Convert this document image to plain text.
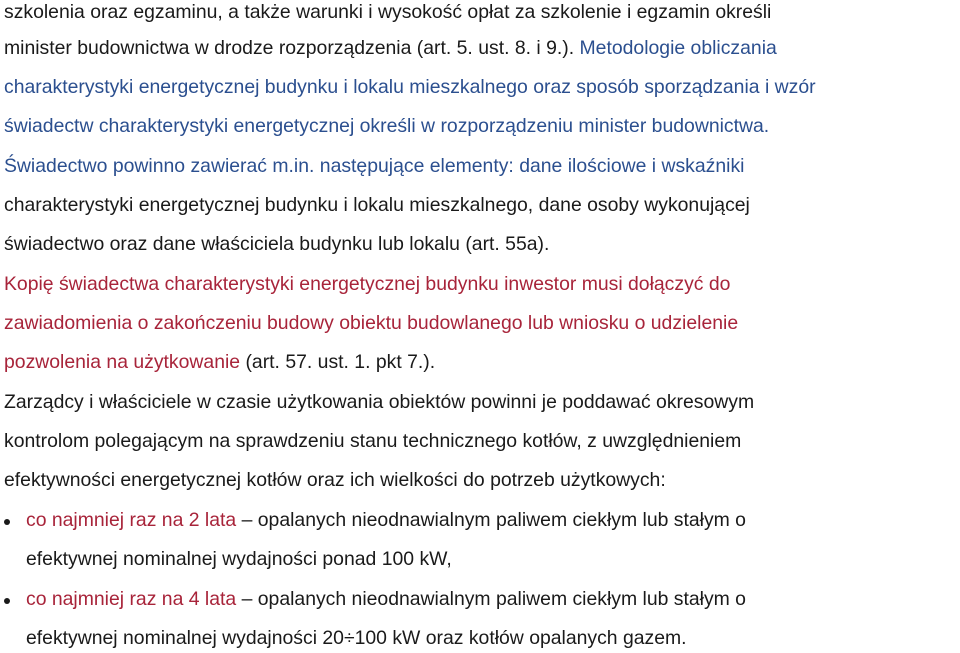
szkolenia oraz egzaminu, a także warunki i wysokość opłat za szkolenie i egzamin określi
minister budownictwa w drodze rozporządzenia (art. 5. ust. 8. i 9.). Metodologie obliczania
charakterystyki energetycznej budynku i lokalu mieszkalnego oraz sposób sporządzania i wzór
świadectw charakterystyki energetycznej określi w rozporządzeniu minister budownictwa.
Świadectwo powinno zawierać m.in. następujące elementy: dane ilościowe i wskaźniki
charakterystyki energetycznej budynku i lokalu mieszkalnego, dane osoby wykonującej
świadectwo oraz dane właściciela budynku lub lokalu (art. 55a).
Kopię świadectwa charakterystyki energetycznej budynku inwestor musi dołączyć do
zawiadomienia o zakończeniu budowy obiektu budowlanego lub wniosku o udzielenie
pozwolenia na użytkowanie (art. 57. ust. 1. pkt 7.).
Zarządcy i właściciele w czasie użytkowania obiektów powinni je poddawać okresowym
kontrolom polegającym na sprawdzeniu stanu technicznego kotłów, z uwzględnieniem
efektywności energetycznej kotłów oraz ich wielkości do potrzeb użytkowych:
co najmniej raz na 2 lata – opalanych nieodnawialnym paliwem ciekłym lub stałym o
efektywnej nominalnej wydajności ponad 100 kW,
co najmniej raz na 4 lata – opalanych nieodnawialnym paliwem ciekłym lub stałym o
efektywnej nominalnej wydajności 20÷100 kW oraz kotłów opalanych gazem.
